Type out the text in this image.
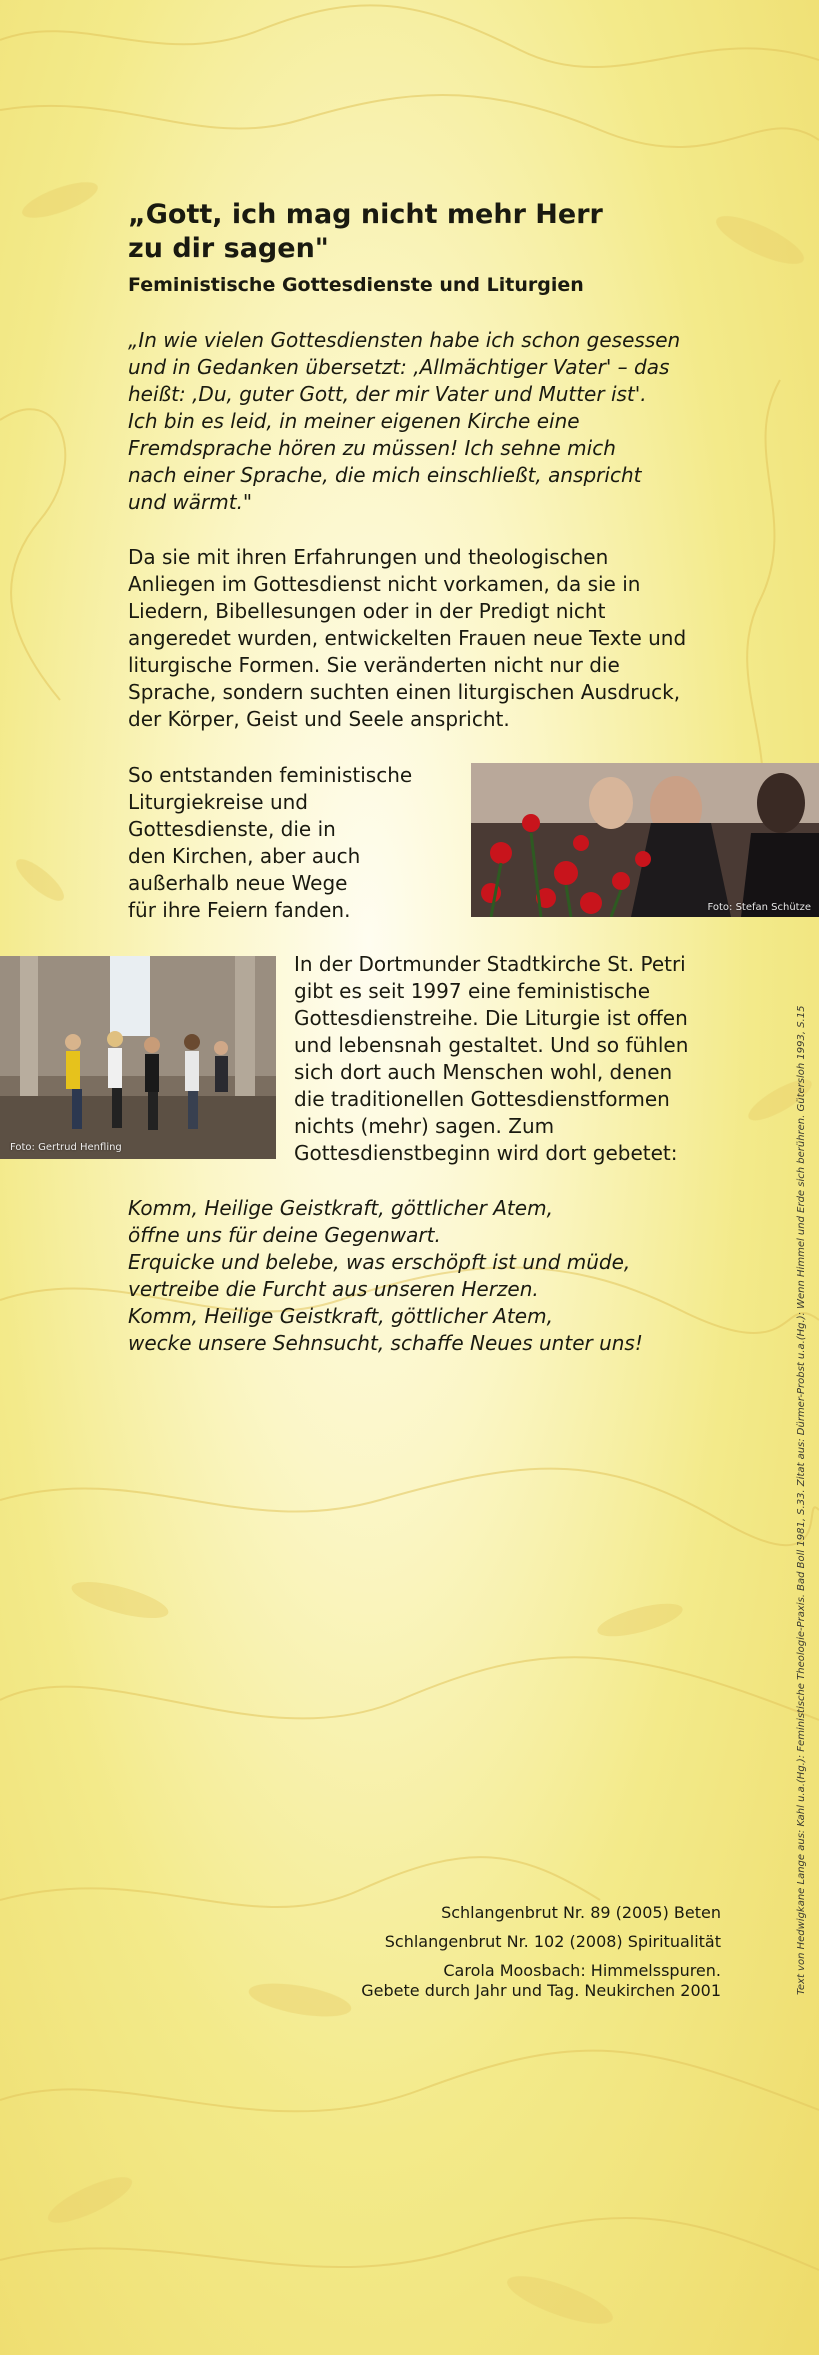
„Gott, ich mag nicht mehr Herr
zu dir sagen"
Feministische Gottesdienste und Liturgien

„In wie vielen Gottesdiensten habe ich schon gesessen
und in Gedanken übersetzt: ‚Allmächtiger Vater' – das
heißt: ‚Du, guter Gott, der mir Vater und Mutter ist'.
Ich bin es leid, in meiner eigenen Kirche eine
Fremdsprache hören zu müssen! Ich sehne mich
nach einer Sprache, die mich einschließt, anspricht
und wärmt."

Da sie mit ihren Erfahrungen und theologischen
Anliegen im Gottesdienst nicht vorkamen, da sie in
Liedern, Bibellesungen oder in der Predigt nicht
angeredet wurden, entwickelten Frauen neue Texte und
liturgische Formen. Sie veränderten nicht nur die
Sprache, sondern suchten einen liturgischen Ausdruck,
der Körper, Geist und Seele anspricht.

So entstanden feministische
Liturgiekreise und
Gottesdienste, die in
den Kirchen, aber auch
außerhalb neue Wege
für ihre Feiern fanden.	Foto: Stefan Schütze
Foto: Gertrud Henfling

In der Dortmunder Stadtkirche St. Petri
gibt es seit 1997 eine feministische
Gottesdienstreihe. Die Liturgie ist offen
und lebensnah gestaltet. Und so fühlen
sich dort auch Menschen wohl, denen
die traditionellen Gottesdienstformen
nichts (mehr) sagen. Zum
Gottesdienstbeginn wird dort gebetet:

Komm, Heilige Geistkraft, göttlicher Atem,
öffne uns für deine Gegenwart.
Erquicke und belebe, was erschöpft ist und müde,
vertreibe die Furcht aus unseren Herzen.
Komm, Heilige Geistkraft, göttlicher Atem,
wecke unsere Sehnsucht, schaffe Neues unter uns!

Schlangenbrut Nr. 89 (2005) Beten

Schlangenbrut Nr. 102 (2008) Spiritualität

Carola Moosbach: Himmelsspuren.
Gebete durch Jahr und Tag. Neukirchen 2001	Text von Hedwigkane Lange aus: Kahl u.a.(Hg.): Feministische Theologie-Praxis. Bad Boll 1981, S.33. Zitat aus: Dürmer-Probst u.a.(Hg.): Wenn Himmel und Erde sich berühren. Gütersloh 1993, S.15
